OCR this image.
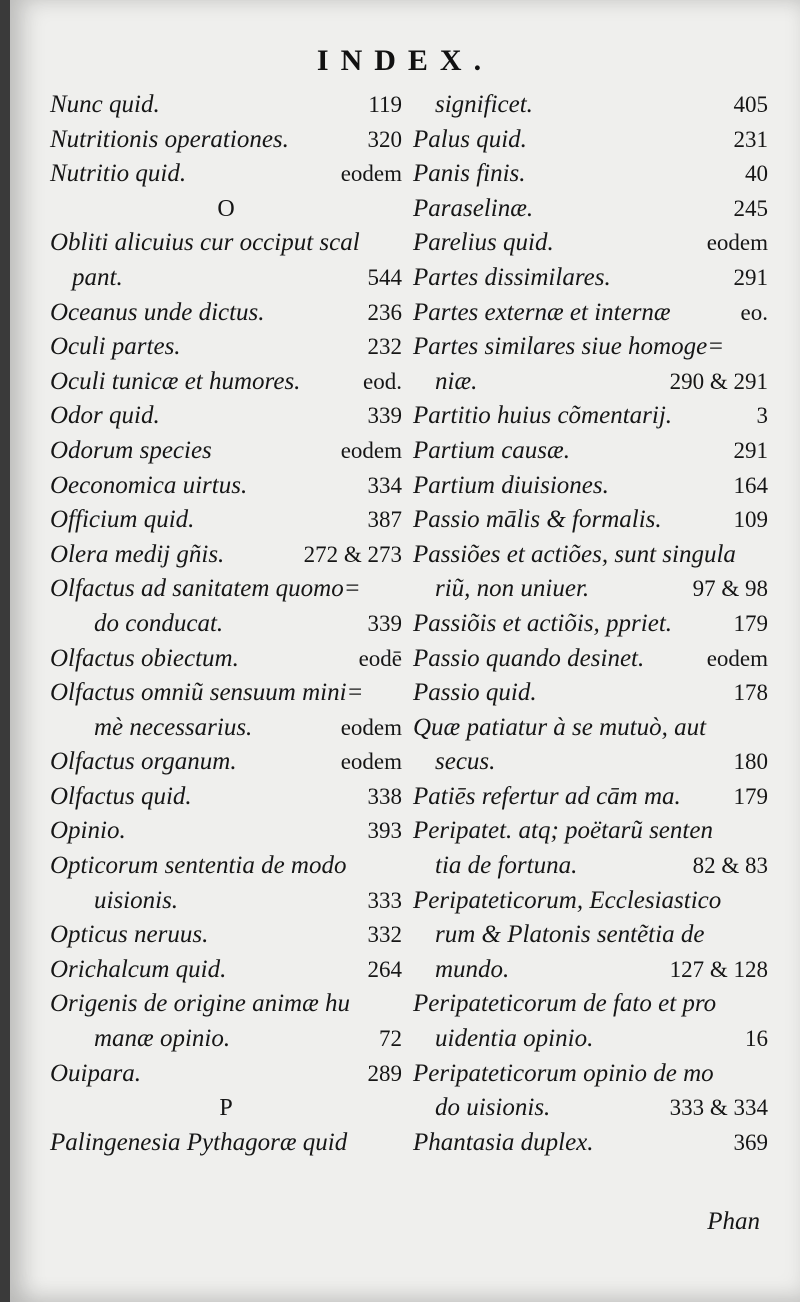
INDEX.
Nunc quid.	119
Nutritionis operationes.	320
Nutritio quid.	eodem
O
Obliti alicuius cur occiput scal
pant.	544
Oceanus unde dictus.	236
Oculi partes.	232
Oculi tunicæ et humores.	eod.
Odor quid.	339
Odorum species	eodem
Oeconomica uirtus.	334
Officium quid.	387
Olera medij gñis.	272 & 273
Olfactus ad sanitatem quomo=
do conducat.	339
Olfactus obiectum.	eodē
Olfactus omniũ sensuum mini=
mè necessarius.	eodem
Olfactus organum.	eodem
Olfactus quid.	338
Opinio.	393
Opticorum sententia de modo
uisionis.	333
Opticus neruus.	332
Orichalcum quid.	264
Origenis de origine animæ hu
manæ opinio.	72
Ouipara.	289
P
Palingenesia Pythagoræ quid
significet.	405
Palus quid.	231
Panis finis.	40
Paraselinæ.	245
Parelius quid.	eodem
Partes dissimilares.	291
Partes externæ et internæ	eo.
Partes similares siue homoge=
niæ.	290 & 291
Partitio huius cõmentarij.	3
Partium causæ.	291
Partium diuisiones.	164
Passio mālis & formalis.	109
Passiões et actiões, sunt singula
riũ, non uniuer.	97 & 98
Passiõis et actiõis, ppriet.	179
Passio quando desinet.	eodem
Passio quid.	178
Quæ patiatur à se mutuò, aut
secus.	180
Patiēs refertur ad cām ma. 179
Peripatet. atq; poëtarũ senten
tia de fortuna.	82 & 83
Peripateticorum, Ecclesiastico
rum & Platonis sentẽtia de
mundo.	127 & 128
Peripateticorum de fato et pro
uidentia opinio.	16
Peripateticorum opinio de mo
do uisionis.	333 & 334
Phantasia duplex.	369
Phan
